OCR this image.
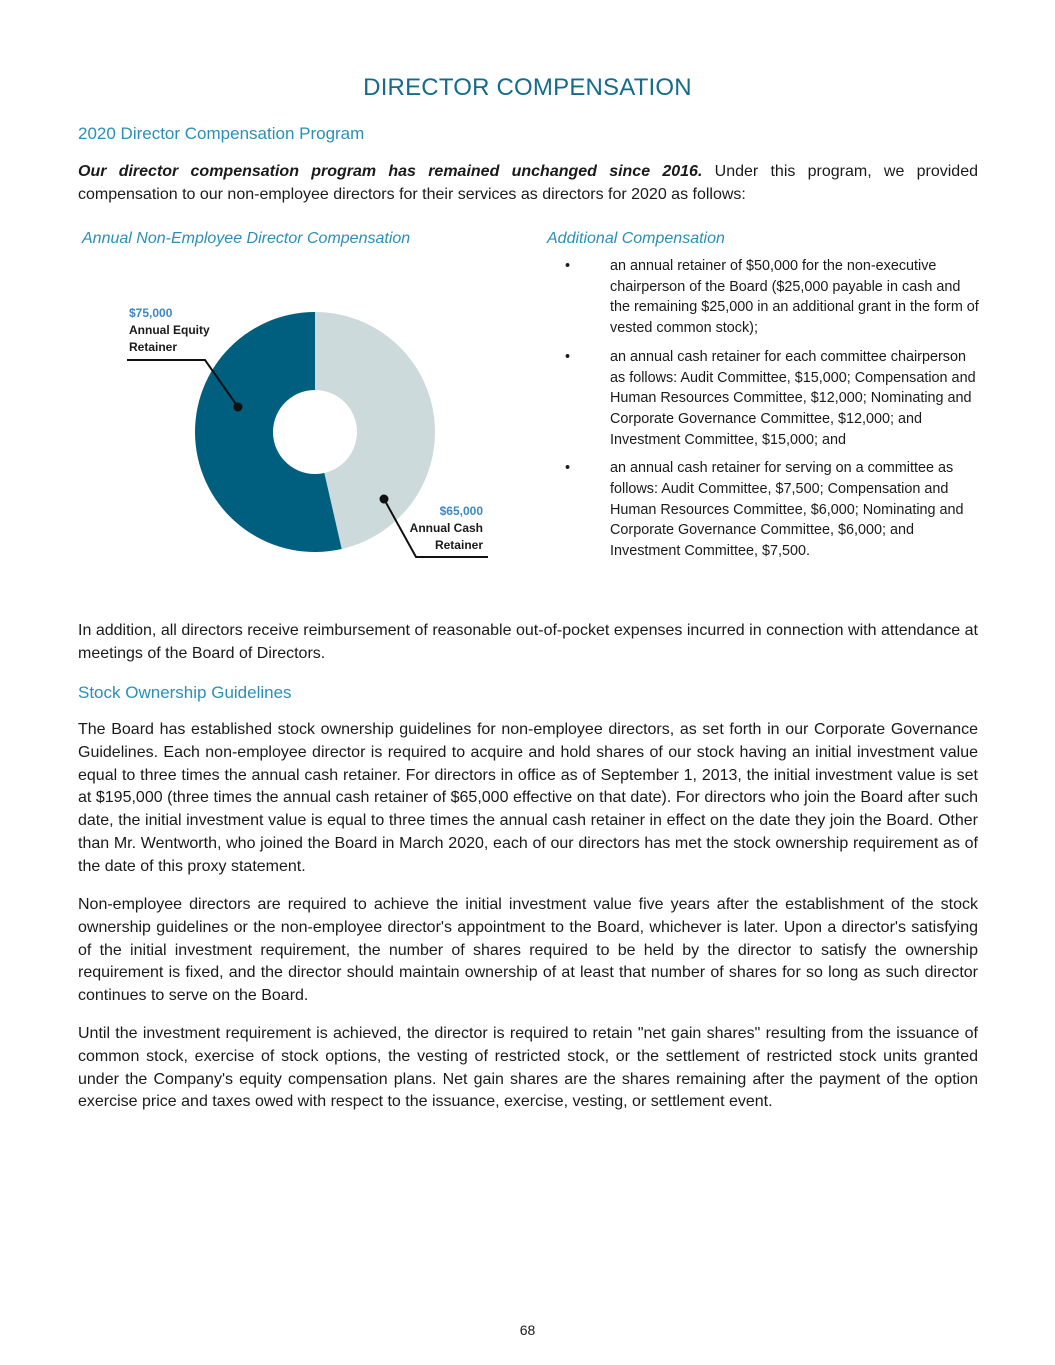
DIRECTOR COMPENSATION
2020 Director Compensation Program
Our director compensation program has remained unchanged since 2016. Under this program, we provided compensation to our non-employee directors for their services as directors for 2020 as follows:
Annual Non-Employee Director Compensation	Additional Compensation
$75,000
Annual Equity
Retainer
$65,000
Annual Cash
Retainer
•	an annual retainer of $50,000 for the non-executive chairperson of the Board ($25,000 payable in cash and the remaining $25,000 in an additional grant in the form of vested common stock);
•	an annual cash retainer for each committee chairperson as follows: Audit Committee, $15,000; Compensation and Human Resources Committee, $12,000; Nominating and Corporate Governance Committee, $12,000; and Investment Committee, $15,000; and
•	an annual cash retainer for serving on a committee as follows: Audit Committee, $7,500; Compensation and Human Resources Committee, $6,000; Nominating and Corporate Governance Committee, $6,000; and Investment Committee, $7,500.
In addition, all directors receive reimbursement of reasonable out-of-pocket expenses incurred in connection with attendance at meetings of the Board of Directors.
Stock Ownership Guidelines
The Board has established stock ownership guidelines for non-employee directors, as set forth in our Corporate Governance Guidelines. Each non-employee director is required to acquire and hold shares of our stock having an initial investment value equal to three times the annual cash retainer. For directors in office as of September 1, 2013, the initial investment value is set at $195,000 (three times the annual cash retainer of $65,000 effective on that date). For directors who join the Board after such date, the initial investment value is equal to three times the annual cash retainer in effect on the date they join the Board. Other than Mr. Wentworth, who joined the Board in March 2020, each of our directors has met the stock ownership requirement as of the date of this proxy statement.
Non-employee directors are required to achieve the initial investment value five years after the establishment of the stock ownership guidelines or the non-employee director's appointment to the Board, whichever is later. Upon a director's satisfying of the initial investment requirement, the number of shares required to be held by the director to satisfy the ownership requirement is fixed, and the director should maintain ownership of at least that number of shares for so long as such director continues to serve on the Board.
Until the investment requirement is achieved, the director is required to retain "net gain shares" resulting from the issuance of common stock, exercise of stock options, the vesting of restricted stock, or the settlement of restricted stock units granted under the Company's equity compensation plans. Net gain shares are the shares remaining after the payment of the option exercise price and taxes owed with respect to the issuance, exercise, vesting, or settlement event.
68
